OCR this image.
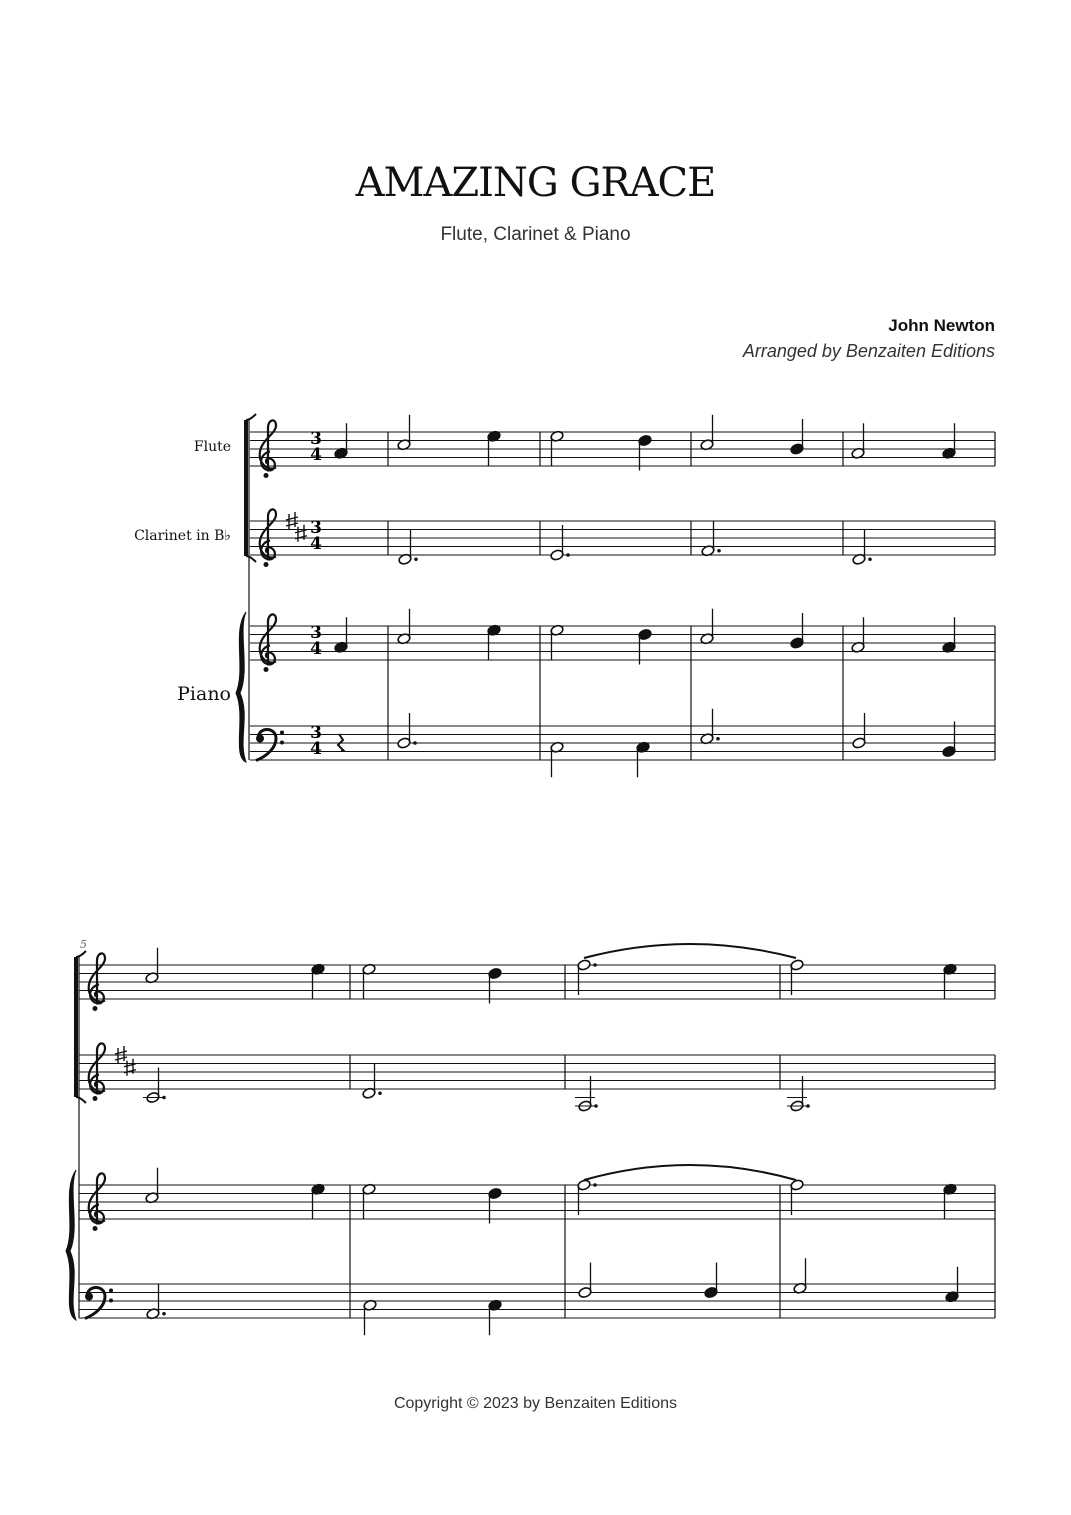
AMAZING GRACE
Flute, Clarinet & Piano
John Newton
Arranged by Benzaiten Editions
Flute
Clarinet in B♭
Piano
3
4
3
4
3
4
3
4
5
Copyright © 2023 by Benzaiten Editions
